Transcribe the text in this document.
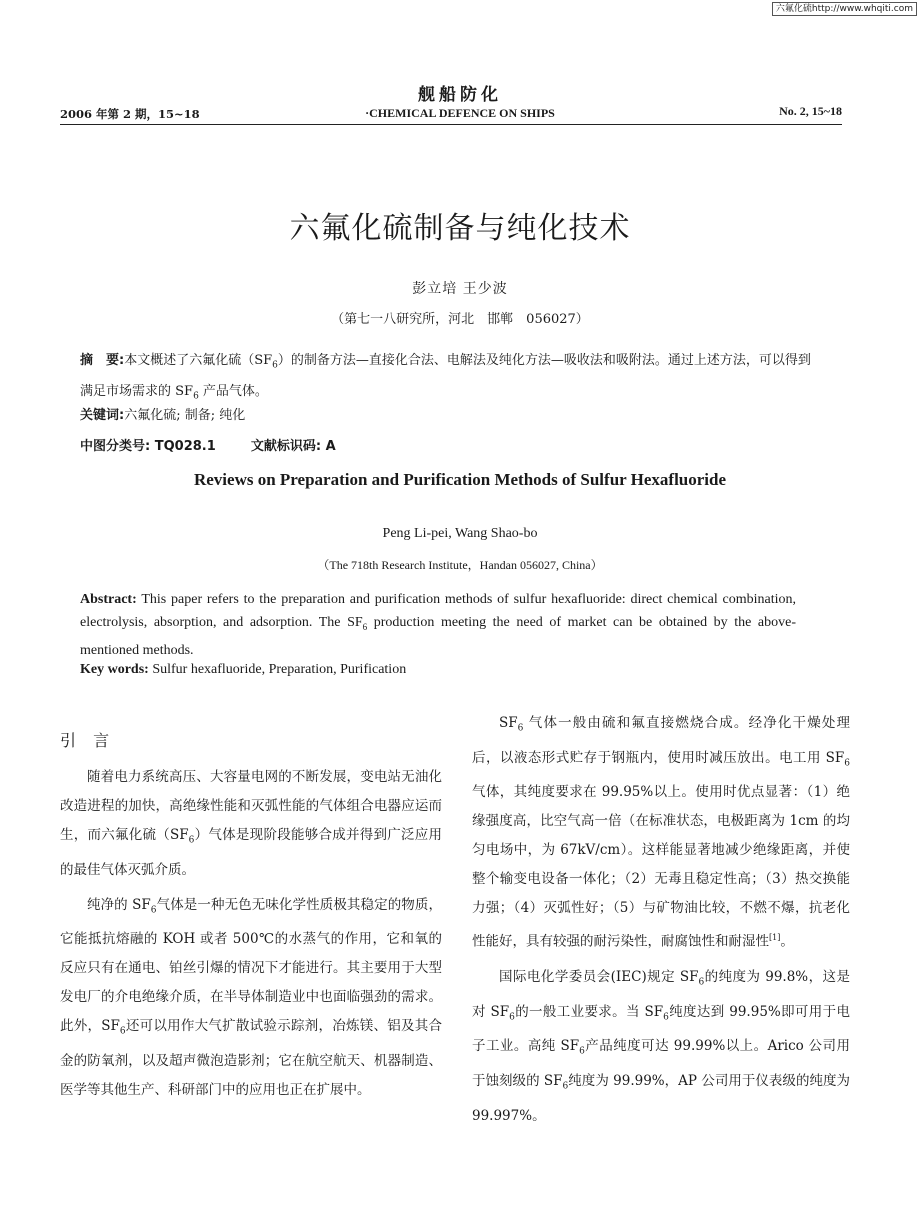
六氟化硫http://www.whqiti.com
舰船防化
2006 年第 2 期，15~18	·CHEMICAL DEFENCE ON SHIPS	No. 2, 15~18
六氟化硫制备与纯化技术
彭立培 王少波
（第七一八研究所，河北　邯郸　056027）
摘　要:本文概述了六氟化硫$(SF_6)$的制备方法—直接化合法、电解法及纯化方法—吸收法和吸附法。通过上述方法，可以得到满足市场需求的 $SF_6$ 产品气体。
关键词:六氟化硫; 制备; 纯化
中图分类号: TQ028.1	文献标识码: A
Reviews on Preparation and Purification Methods of Sulfur Hexafluoride
Peng Li-pei, Wang Shao-bo
（The 718th Research Institute，Handan 056027, China）
Abstract: This paper refers to the preparation and purification methods of sulfur hexafluoride: direct chemical combination, electrolysis, absorption, and adsorption. The $SF_6$ production meeting the need of market can be obtained by the above-mentioned methods.
Key words: Sulfur hexafluoride, Preparation, Purification
引 言

随着电力系统高压、大容量电网的不断发展，变电站无油化改造进程的加快，高绝缘性能和灭弧性能的气体组合电器应运而生，而六氟化硫$(SF_6)$气体是现阶段能够合成并得到广泛应用的最佳气体灭弧介质。

纯净的 $SF_6$气体是一种无色无味化学性质极其稳定的物质，它能抵抗熔融的 KOH 或者 500℃的水蒸气的作用，它和氧的反应只有在通电、铂丝引爆的情况下才能进行。其主要用于大型发电厂的介电绝缘介质，在半导体制造业中也面临强劲的需求。此外，$SF_6$还可以用作大气扩散试验示踪剂，冶炼镁、铝及其合金的防氧剂，以及超声微泡造影剂；它在航空航天、机器制造、医学等其他生产、科研部门中的应用也正在扩展中。

$SF_6$ 气体一般由硫和氟直接燃烧合成。经净化干燥处理后，以液态形式贮存于钢瓶内，使用时减压放出。电工用 $SF_6$ 气体，其纯度要求在 99.95%以上。使用时优点显著：（1）绝缘强度高，比空气高一倍（在标准状态，电极距离为 1cm 的均匀电场中，为 67kV/cm）。这样能显著地减少绝缘距离，并使整个输变电设备一体化；（2）无毒且稳定性高；（3）热交换能力强；（4）灭弧性好；（5）与矿物油比较，不燃不爆，抗老化性能好，具有较强的耐污染性，耐腐蚀性和耐湿性[1]。

国际电化学委员会(IEC)规定 $SF_6$的纯度为 99.8%，这是对 $SF_6$的一般工业要求。当 $SF_6$纯度达到 99.95%即可用于电子工业。高纯 $SF_6$产品纯度可达 99.99%以上。Arico 公司用于蚀刻级的 $SF_6$纯度为 99.99%，AP 公司用于仪表级的纯度为 99.997%。
